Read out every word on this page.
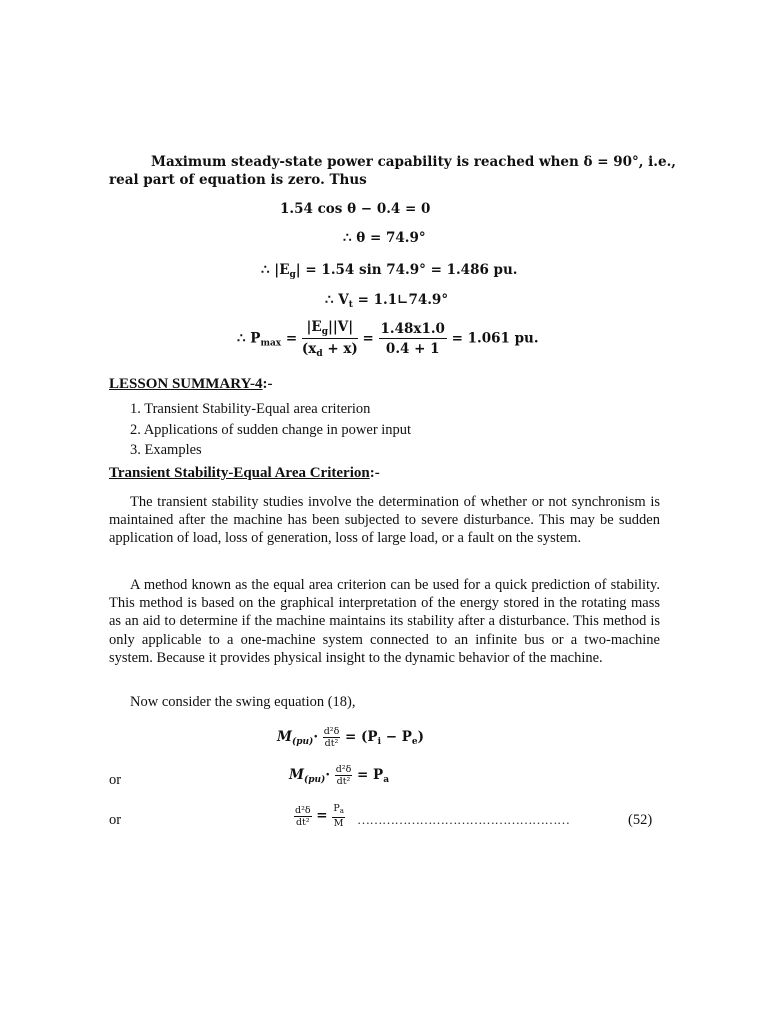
Maximum steady-state power capability is reached when δ = 90°, i.e.,
real part of equation is zero. Thus
1.54 cos θ − 0.4 = 0
∴ θ = 74.9°
∴ $|E_g| = 1.54$ sin 74.9° = 1.486 pu.
∴ $V_t$ = 1.1∟74.9°
∴ $P_{max} = \frac{|E_g||V|}{(x_d + x)} = \frac{1.48x1.0}{0.4 + 1} = 1.061$ pu.
LESSON SUMMARY-4:-
1. Transient Stability-Equal area criterion
2. Applications of sudden change in power input
3. Examples
Transient Stability-Equal Area Criterion:-
The transient stability studies involve the determination of whether or not synchronism is maintained after the machine has been subjected to severe disturbance. This may be sudden application of load, loss of generation, loss of large load, or a fault on the system.
A method known as the equal area criterion can be used for a quick prediction of stability. This method is based on the graphical interpretation of the energy stored in the rotating mass as an aid to determine if the machine maintains its stability after a disturbance. This method is only applicable to a one-machine system connected to an infinite bus or a two-machine system. Because it provides physical insight to the dynamic behavior of the machine.
Now consider the swing equation (18),
$M_{(pu)}\cdot \frac{\text{d²δ}}{\text{dt²}} = (P_i - P_e)$
or	$M_{(pu)}\cdot \frac{\text{d²δ}}{\text{dt²}} = P_a$
or	$\frac{\text{d²δ}}{\text{dt²}} = \frac{P_a}{M}$ ……………………………………………	(52)
